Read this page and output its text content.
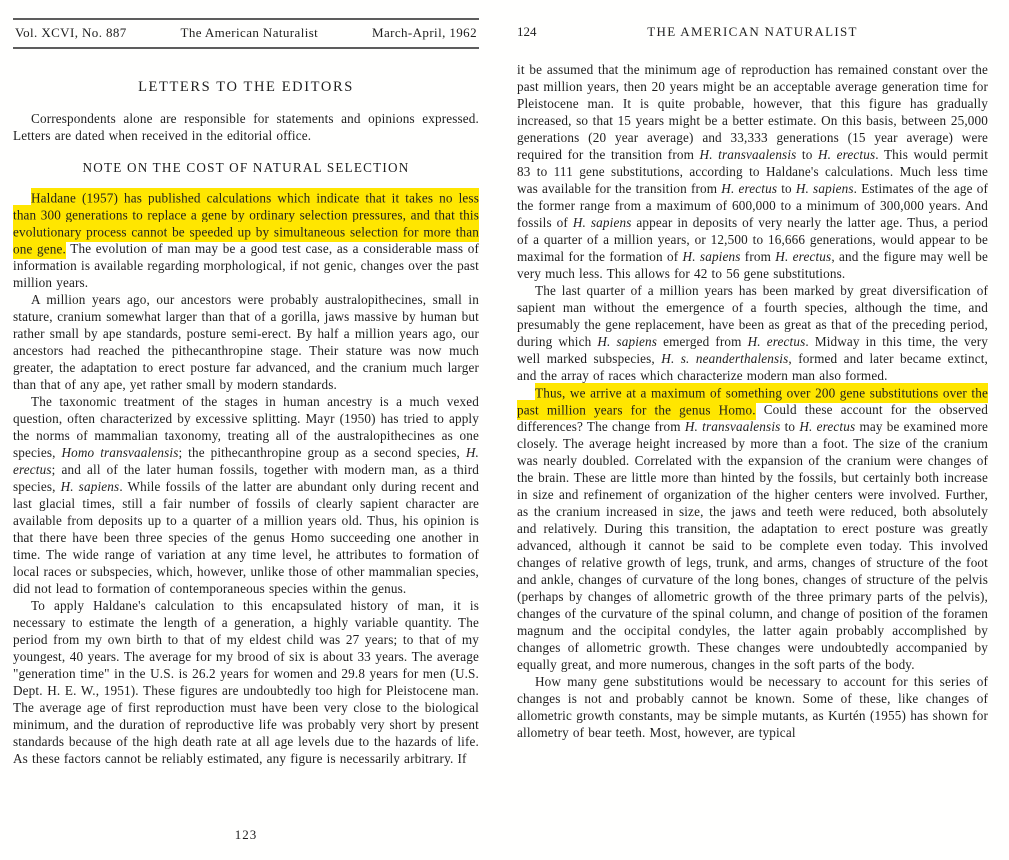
Vol. XCVI, No. 887	The American Naturalist	March-April, 1962
LETTERS TO THE EDITORS

Correspondents alone are responsible for statements and opinions expressed. Letters are dated when received in the editorial office.

NOTE ON THE COST OF NATURAL SELECTION

Haldane (1957) has published calculations which indicate that it takes no less than 300 generations to replace a gene by ordinary selection pressures, and that this evolutionary process cannot be speeded up by simultaneous selection for more than one gene. The evolution of man may be a good test case, as a considerable mass of information is available regarding morphological, if not genic, changes over the past million years.

A million years ago, our ancestors were probably australopithecines, small in stature, cranium somewhat larger than that of a gorilla, jaws massive by human but rather small by ape standards, posture semi-erect. By half a million years ago, our ancestors had reached the pithecanthropine stage. Their stature was now much greater, the adaptation to erect posture far advanced, and the cranium much larger than that of any ape, yet rather small by modern standards.

The taxonomic treatment of the stages in human ancestry is a much vexed question, often characterized by excessive splitting. Mayr (1950) has tried to apply the norms of mammalian taxonomy, treating all of the australopithecines as one species, Homo transvaalensis; the pithecanthropine group as a second species, H. erectus; and all of the later human fossils, together with modern man, as a third species, H. sapiens. While fossils of the latter are abundant only during recent and last glacial times, still a fair number of fossils of clearly sapient character are available from deposits up to a quarter of a million years old. Thus, his opinion is that there have been three species of the genus Homo succeeding one another in time. The wide range of variation at any time level, he attributes to formation of local races or subspecies, which, however, unlike those of other mammalian species, did not lead to formation of contemporaneous species within the genus.

To apply Haldane's calculation to this encapsulated history of man, it is necessary to estimate the length of a generation, a highly variable quantity. The period from my own birth to that of my eldest child was 27 years; to that of my youngest, 40 years. The average for my brood of six is about 33 years. The average "generation time" in the U.S. is 26.2 years for women and 29.8 years for men (U.S. Dept. H. E. W., 1951). These figures are undoubtedly too high for Pleistocene man. The average age of first reproduction must have been very close to the biological minimum, and the duration of reproductive life was probably very short by present standards because of the high death rate at all age levels due to the hazards of life. As these factors cannot be reliably estimated, any figure is necessarily arbitrary. If

123
124	THE AMERICAN NATURALIST

it be assumed that the minimum age of reproduction has remained constant over the past million years, then 20 years might be an acceptable average generation time for Pleistocene man. It is quite probable, however, that this figure has gradually increased, so that 15 years might be a better estimate. On this basis, between 25,000 generations (20 year average) and 33,333 generations (15 year average) were required for the transition from H. transvaalensis to H. erectus. This would permit 83 to 111 gene substitutions, according to Haldane's calculations. Much less time was available for the transition from H. erectus to H. sapiens. Estimates of the age of the former range from a maximum of 600,000 to a minimum of 300,000 years. And fossils of H. sapiens appear in deposits of very nearly the latter age. Thus, a period of a quarter of a million years, or 12,500 to 16,666 generations, would appear to be maximal for the formation of H. sapiens from H. erectus, and the figure may well be very much less. This allows for 42 to 56 gene substitutions.

The last quarter of a million years has been marked by great diversification of sapient man without the emergence of a fourth species, although the time, and presumably the gene replacement, have been as great as that of the preceding period, during which H. sapiens emerged from H. erectus. Midway in this time, the very well marked subspecies, H. s. neanderthalensis, formed and later became extinct, and the array of races which characterize modern man also formed.

Thus, we arrive at a maximum of something over 200 gene substitutions over the past million years for the genus Homo. Could these account for the observed differences? The change from H. transvaalensis to H. erectus may be examined more closely. The average height increased by more than a foot. The size of the cranium was nearly doubled. Correlated with the expansion of the cranium were changes of the brain. These are little more than hinted by the fossils, but certainly both increase in size and refinement of organization of the higher centers were involved. Further, as the cranium increased in size, the jaws and teeth were reduced, both absolutely and relatively. During this transition, the adaptation to erect posture was greatly advanced, although it cannot be said to be complete even today. This involved changes of relative growth of legs, trunk, and arms, changes of structure of the foot and ankle, changes of curvature of the long bones, changes of structure of the pelvis (perhaps by changes of allometric growth of the three primary parts of the pelvis), changes of the curvature of the spinal column, and change of position of the foramen magnum and the occipital condyles, the latter again probably accomplished by changes of allometric growth. These changes were undoubtedly accompanied by equally great, and more numerous, changes in the soft parts of the body.

How many gene substitutions would be necessary to account for this series of changes is not and probably cannot be known. Some of these, like changes of allometric growth constants, may be simple mutants, as Kurtén (1955) has shown for allometry of bear teeth. Most, however, are typical
